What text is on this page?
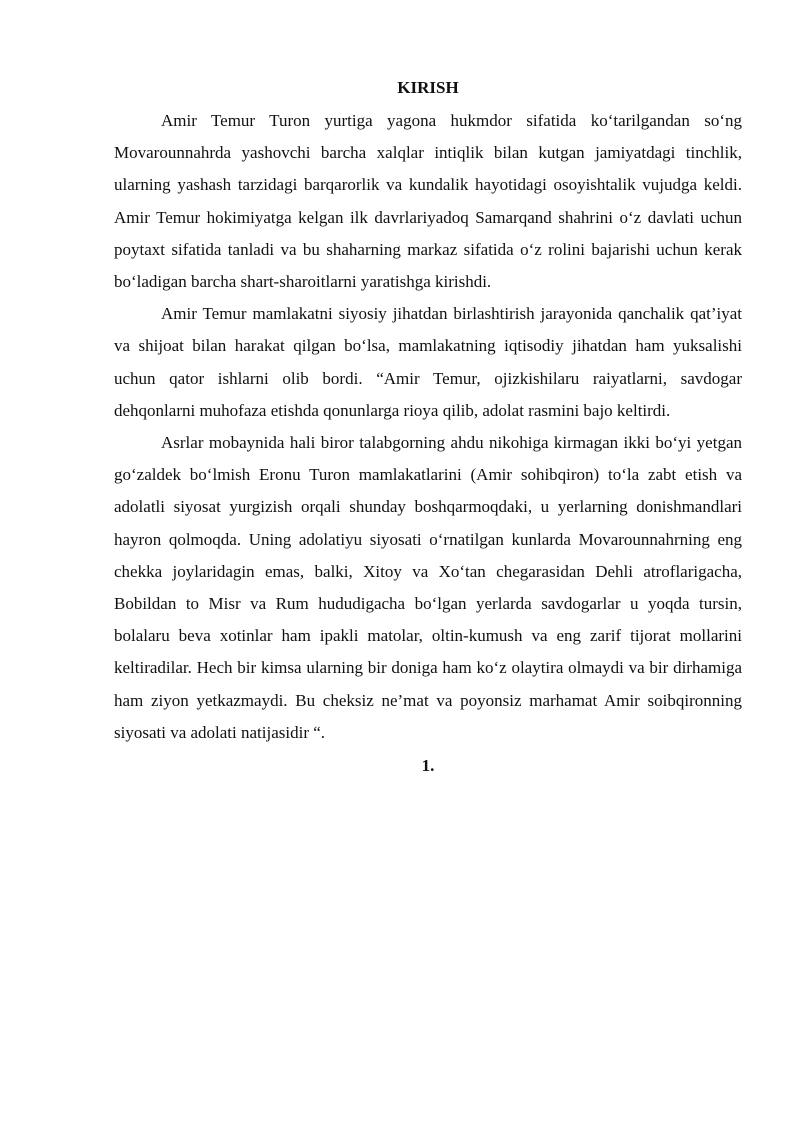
KIRISH

Amir Temur Turon yurtiga yagona hukmdor sifatida ko‘tarilgandan so‘ng Movarounnahrda yashovchi barcha xalqlar intiqlik bilan kutgan jamiyatdagi tinchlik, ularning yashash tarzidagi barqarorlik va kundalik hayotidagi osoyishtalik vujudga keldi. Amir Temur hokimiyatga kelgan ilk davrlariyadoq Samarqand shahrini o‘z davlati uchun poytaxt sifatida tanladi va bu shaharning markaz sifatida o‘z rolini bajarishi uchun kerak bo‘ladigan barcha shart-sharoitlarni yaratishga kirishdi.

Amir Temur mamlakatni siyosiy jihatdan birlashtirish jarayonida qanchalik qat’iyat va shijoat bilan harakat qilgan bo‘lsa, mamlakatning iqtisodiy jihatdan ham yuksalishi uchun qator ishlarni olib bordi. “Amir Temur, ojizkishilaru raiyatlarni, savdogar dehqonlarni muhofaza etishda qonunlarga rioya qilib, adolat rasmini bajo keltirdi.

Asrlar mobaynida hali biror talabgorning ahdu nikohiga kirmagan ikki bo‘yi yetgan go‘zaldek bo‘lmish Eronu Turon mamlakatlarini (Amir sohibqiron) to‘la zabt etish va adolatli siyosat yurgizish orqali shunday boshqarmoqdaki, u yerlarning donishmandlari hayron qolmoqda. Uning adolatiyu siyosati o‘rnatilgan kunlarda Movarounnahrning eng chekka joylaridagin emas, balki, Xitoy va Xo‘tan chegarasidan Dehli atroflarigacha, Bobildan to Misr va Rum hududigacha bo‘lgan yerlarda savdogarlar u yoqda tursin, bolalaru beva xotinlar ham ipakli matolar, oltin-kumush va eng zarif tijorat mollarini keltiradilar. Hech bir kimsa ularning bir doniga ham ko‘z olaytira olmaydi va bir dirhamiga ham ziyon yetkazmaydi. Bu cheksiz ne’mat va poyonsiz marhamat Amir soibqironning siyosati va adolati natijasidir “.

1.
